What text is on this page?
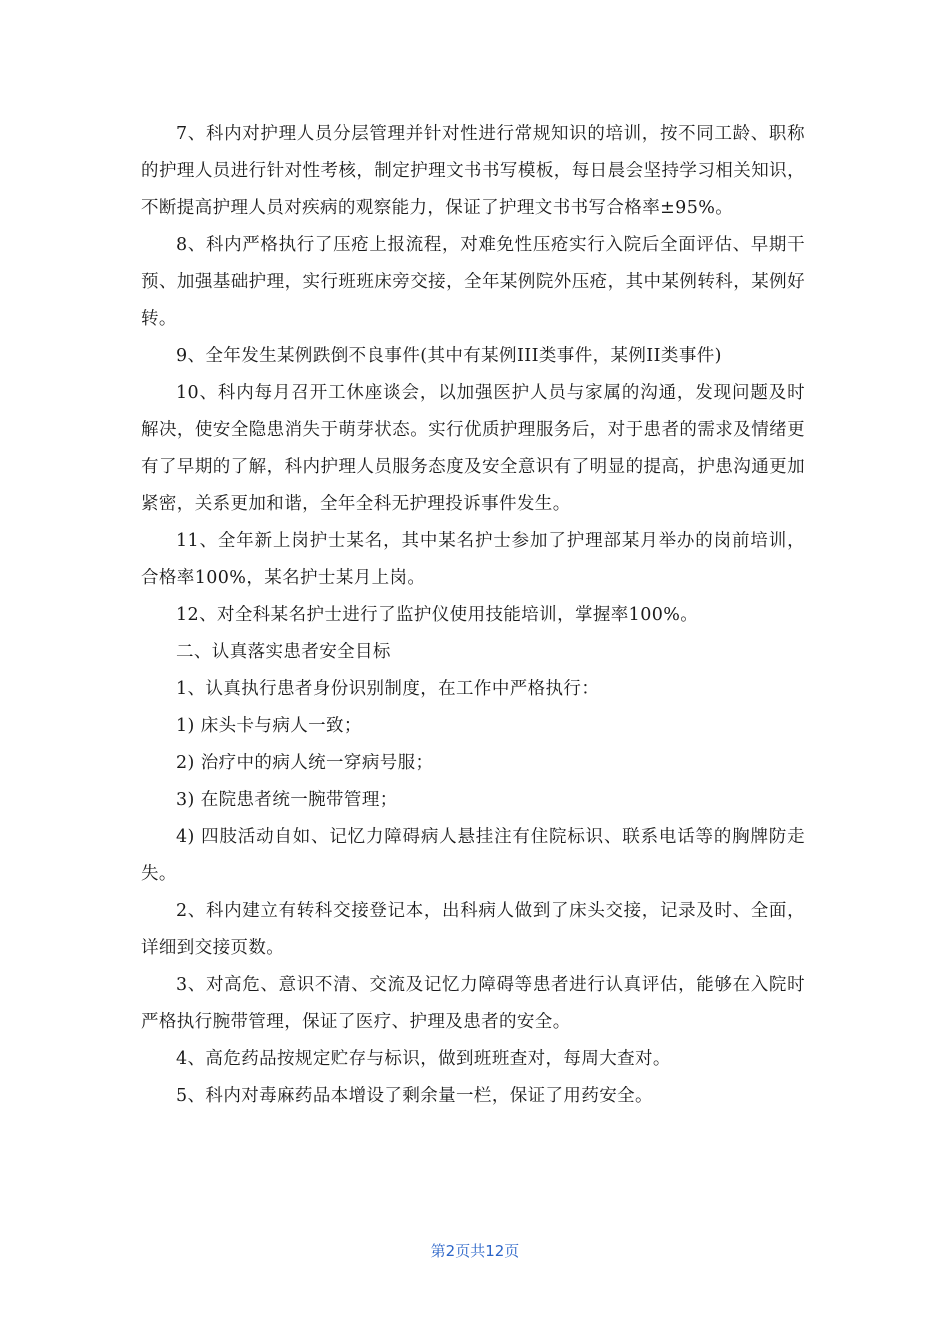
7、科内对护理人员分层管理并针对性进行常规知识的培训，按不同工龄、职称的护理人员进行针对性考核，制定护理文书书写模板，每日晨会坚持学习相关知识，不断提高护理人员对疾病的观察能力，保证了护理文书书写合格率±95%。

8、科内严格执行了压疮上报流程，对难免性压疮实行入院后全面评估、早期干预、加强基础护理，实行班班床旁交接，全年某例院外压疮，其中某例转科，某例好转。

9、全年发生某例跌倒不良事件(其中有某例III类事件，某例II类事件)

10、科内每月召开工休座谈会，以加强医护人员与家属的沟通，发现问题及时解决，使安全隐患消失于萌芽状态。实行优质护理服务后，对于患者的需求及情绪更有了早期的了解，科内护理人员服务态度及安全意识有了明显的提高，护患沟通更加紧密，关系更加和谐，全年全科无护理投诉事件发生。

11、全年新上岗护士某名，其中某名护士参加了护理部某月举办的岗前培训，合格率100%，某名护士某月上岗。

12、对全科某名护士进行了监护仪使用技能培训，掌握率100%。

二、认真落实患者安全目标

1、认真执行患者身份识别制度，在工作中严格执行：

1) 床头卡与病人一致；

2) 治疗中的病人统一穿病号服；

3) 在院患者统一腕带管理；

4) 四肢活动自如、记忆力障碍病人悬挂注有住院标识、联系电话等的胸牌防走失。

2、科内建立有转科交接登记本，出科病人做到了床头交接，记录及时、全面，详细到交接页数。

3、对高危、意识不清、交流及记忆力障碍等患者进行认真评估，能够在入院时严格执行腕带管理，保证了医疗、护理及患者的安全。

4、高危药品按规定贮存与标识，做到班班查对，每周大查对。

5、科内对毒麻药品本增设了剩余量一栏，保证了用药安全。

第2页共12页
